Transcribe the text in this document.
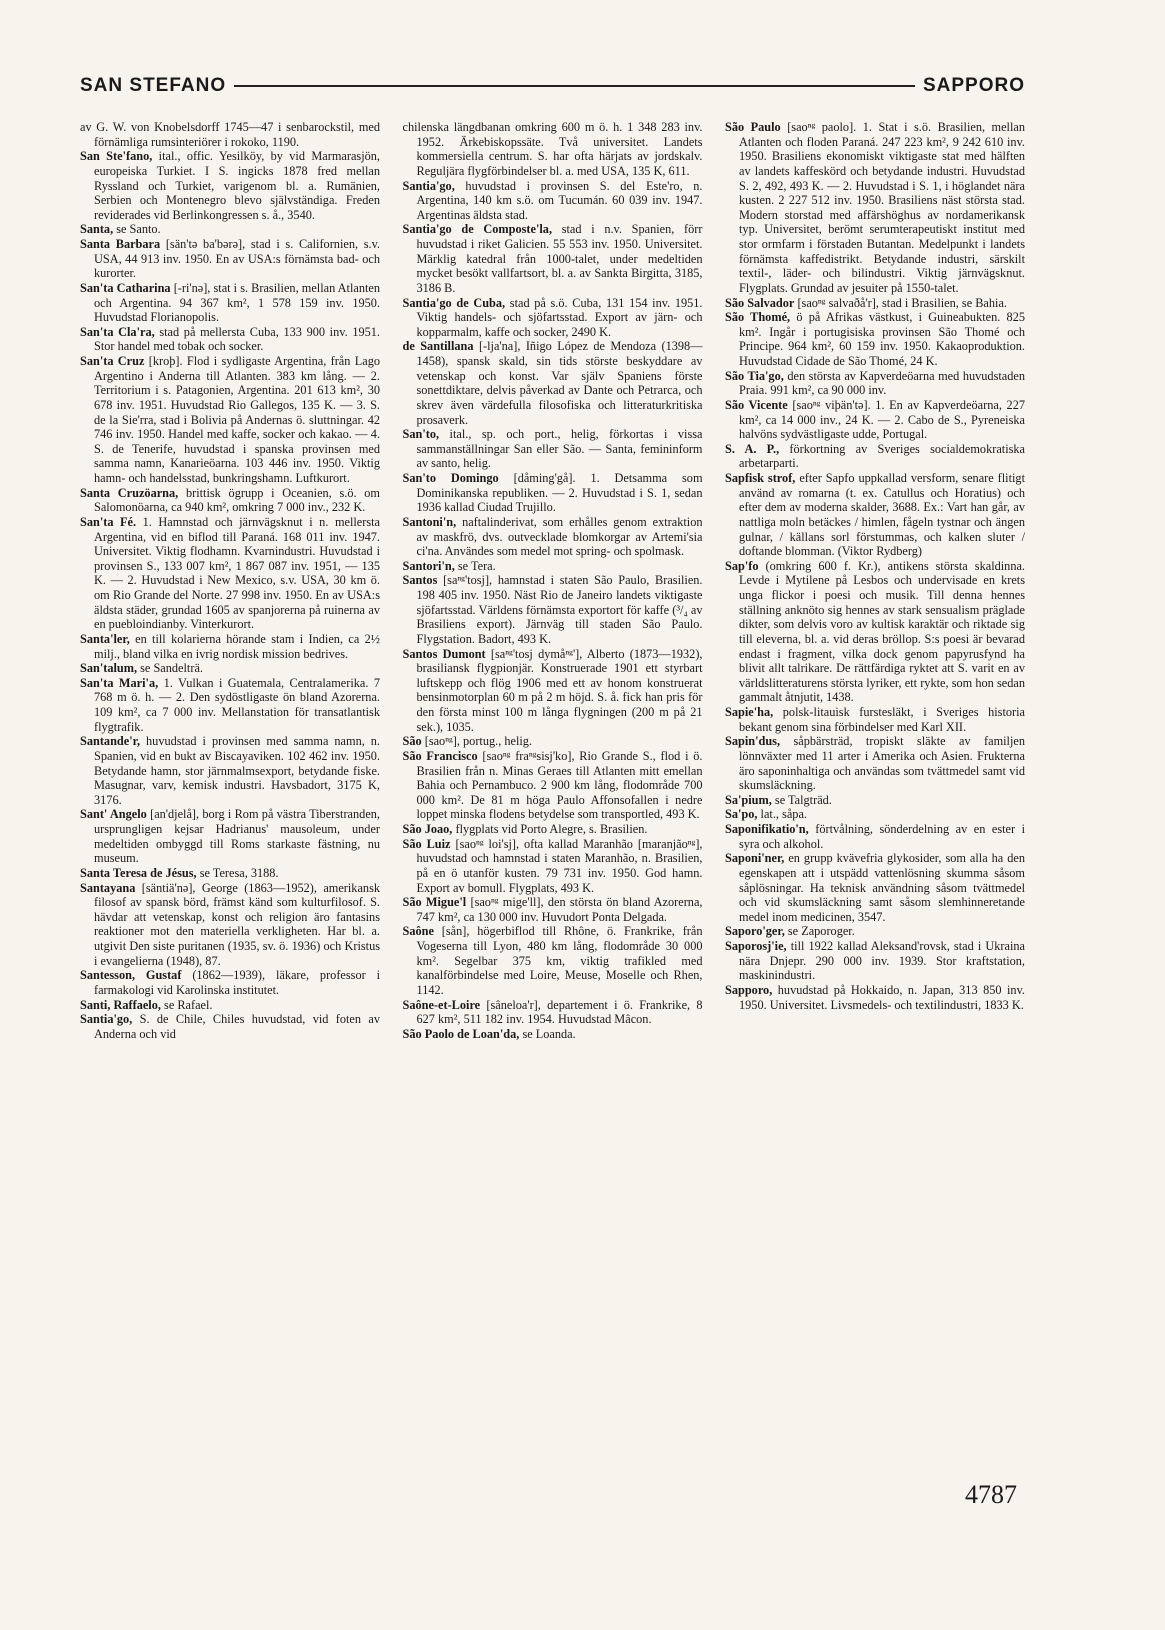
SAN STEFANO	SAPPORO

av G. W. von Knobelsdorff 1745—47 i senbarockstil, med förnämliga rumsinteriörer i rokoko, 1190.

San Ste'fano, ital., offic. Yesilköy, by vid Marmarasjön, europeiska Turkiet. I S. ingicks 1878 fred mellan Ryssland och Turkiet, varigenom bl. a. Rumänien, Serbien och Montenegro blevo självständiga. Freden reviderades vid Berlinkongressen s. å., 3540.

Santa, se Santo.

Santa Barbara [sän'tə ba'bərə], stad i s. Californien, s.v. USA, 44 913 inv. 1950. En av USA:s förnämsta bad- och kurorter.

San'ta Catharina [-ri'nə], stat i s. Brasilien, mellan Atlanten och Argentina. 94 367 km², 1 578 159 inv. 1950. Huvudstad Florianopolis.

San'ta Cla'ra, stad på mellersta Cuba, 133 900 inv. 1951. Stor handel med tobak och socker.

San'ta Cruz [kroþ]. Flod i sydligaste Argentina, från Lago Argentino i Anderna till Atlanten. 383 km lång. — 2. Territorium i s. Patagonien, Argentina. 201 613 km², 30 678 inv. 1951. Huvudstad Rio Gallegos, 135 K. — 3. S. de la Sie'rra, stad i Bolivia på Andernas ö. sluttningar. 42 746 inv. 1950. Handel med kaffe, socker och kakao. — 4. S. de Tenerife, huvudstad i spanska provinsen med samma namn, Kanarieöarna. 103 446 inv. 1950. Viktig hamn- och handelsstad, bunkringshamn. Luftkurort.

Santa Cruzöarna, brittisk ögrupp i Oceanien, s.ö. om Salomonöarna, ca 940 km², omkring 7 000 inv., 232 K.

San'ta Fé. 1. Hamnstad och järnvägsknut i n. mellersta Argentina, vid en biflod till Paraná. 168 011 inv. 1947. Universitet. Viktig flodhamn. Kvarnindustri. Huvudstad i provinsen S., 133 007 km², 1 867 087 inv. 1951, — 135 K. — 2. Huvudstad i New Mexico, s.v. USA, 30 km ö. om Rio Grande del Norte. 27 998 inv. 1950. En av USA:s äldsta städer, grundad 1605 av spanjorerna på ruinerna av en puebloindianby. Vinterkurort.

Santa'ler, en till kolarierna hörande stam i Indien, ca 2½ milj., bland vilka en ivrig nordisk mission bedrives.

San'talum, se Sandelträ.

San'ta Mari'a, 1. Vulkan i Guatemala, Centralamerika. 7 768 m ö. h. — 2. Den sydöstligaste ön bland Azorerna. 109 km², ca 7 000 inv. Mellanstation för transatlantisk flygtrafik.

Santande'r, huvudstad i provinsen med samma namn, n. Spanien, vid en bukt av Biscayaviken. 102 462 inv. 1950. Betydande hamn, stor järnmalmsexport, betydande fiske. Masugnar, varv, kemisk industri. Havsbadort, 3175 K, 3176.

Sant' Angelo [an'djelå], borg i Rom på västra Tiberstranden, ursprungligen kejsar Hadrianus' mausoleum, under medeltiden ombyggd till Roms starkaste fästning, nu museum.

Santa Teresa de Jésus, se Teresa, 3188.

Santayana [säntiä'nə], George (1863—1952), amerikansk filosof av spansk börd, främst känd som kulturfilosof. S. hävdar att vetenskap, konst och religion äro fantasins reaktioner mot den materiella verkligheten. Har bl. a. utgivit Den siste puritanen (1935, sv. ö. 1936) och Kristus i evangelierna (1948), 87.

Santesson, Gustaf (1862—1939), läkare, professor i farmakologi vid Karolinska institutet.

Santi, Raffaelo, se Rafael.

Santia'go, S. de Chile, Chiles huvudstad, vid foten av Anderna och vid

chilenska längdbanan omkring 600 m ö. h. 1 348 283 inv. 1952. Ärkebiskopssäte. Två universitet. Landets kommersiella centrum. S. har ofta härjats av jordskalv. Reguljära flygförbindelser bl. a. med USA, 135 K, 611.

Santia'go, huvudstad i provinsen S. del Este'ro, n. Argentina, 140 km s.ö. om Tucumán. 60 039 inv. 1947. Argentinas äldsta stad.

Santia'go de Composte'la, stad i n.v. Spanien, förr huvudstad i riket Galicien. 55 553 inv. 1950. Universitet. Märklig katedral från 1000-talet, under medeltiden mycket besökt vallfartsort, bl. a. av Sankta Birgitta, 3185, 3186 B.

Santia'go de Cuba, stad på s.ö. Cuba, 131 154 inv. 1951. Viktig handels- och sjöfartsstad. Export av järn- och kopparmalm, kaffe och socker, 2490 K.

de Santillana [-lja'na], Iñigo López de Mendoza (1398—1458), spansk skald, sin tids störste beskyddare av vetenskap och konst. Var själv Spaniens förste sonettdiktare, delvis påverkad av Dante och Petrarca, och skrev även värdefulla filosofiska och litteraturkritiska prosaverk.

San'to, ital., sp. och port., helig, förkortas i vissa sammanställningar San eller São. — Santa, femininform av santo, helig.

San'to Domingo [dåming'gå]. 1. Detsamma som Dominikanska republiken. — 2. Huvudstad i S. 1, sedan 1936 kallad Ciudad Trujillo.

Santoni'n, naftalinderivat, som erhålles genom extraktion av maskfrö, dvs. outvecklade blomkorgar av Artemi'sia ci'na. Användes som medel mot spring- och spolmask.

Santori'n, se Tera.

Santos [saⁿᵍ'tosj], hamnstad i staten São Paulo, Brasilien. 198 405 inv. 1950. Näst Rio de Janeiro landets viktigaste sjöfartsstad. Världens förnämsta exportort för kaffe (³/₄ av Brasiliens export). Järnväg till staden São Paulo. Flygstation. Badort, 493 K.

Santos Dumont [saⁿᵍ'tosj dymåⁿᵍ'], Alberto (1873—1932), brasiliansk flygpionjär. Konstruerade 1901 ett styrbart luftskepp och flög 1906 med ett av honom konstruerat bensinmotorplan 60 m på 2 m höjd. S. å. fick han pris för den första minst 100 m långa flygningen (200 m på 21 sek.), 1035.

São [saoⁿᵍ], portug., helig.

São Francisco [saoⁿᵍ fraⁿᵍsisj'ko], Rio Grande S., flod i ö. Brasilien från n. Minas Geraes till Atlanten mitt emellan Bahia och Pernambuco. 2 900 km lång, flodområde 700 000 km². De 81 m höga Paulo Affonsofallen i nedre loppet minska flodens betydelse som transportled, 493 K.

São Joao, flygplats vid Porto Alegre, s. Brasilien.

São Luiz [saoⁿᵍ loi'sj], ofta kallad Maranhão [maranjãoⁿᵍ], huvudstad och hamnstad i staten Maranhão, n. Brasilien, på en ö utanför kusten. 79 731 inv. 1950. God hamn. Export av bomull. Flygplats, 493 K.

São Migue'l [saoⁿᵍ mige'll], den största ön bland Azorerna, 747 km², ca 130 000 inv. Huvudort Ponta Delgada.

Saône [sån], högerbiflod till Rhône, ö. Frankrike, från Vogeserna till Lyon, 480 km lång, flodområde 30 000 km². Segelbar 375 km, viktig trafikled med kanalförbindelse med Loire, Meuse, Moselle och Rhen, 1142.

Saône-et-Loire [sâneloa'r], departement i ö. Frankrike, 8 627 km², 511 182 inv. 1954. Huvudstad Mâcon.

São Paolo de Loan'da, se Loanda.

São Paulo [saoⁿᵍ paolo]. 1. Stat i s.ö. Brasilien, mellan Atlanten och floden Paraná. 247 223 km², 9 242 610 inv. 1950. Brasiliens ekonomiskt viktigaste stat med hälften av landets kaffeskörd och betydande industri. Huvudstad S. 2, 492, 493 K. — 2. Huvudstad i S. 1, i höglandet nära kusten. 2 227 512 inv. 1950. Brasiliens näst största stad. Modern storstad med affärshöghus av nordamerikansk typ. Universitet, berömt serumterapeutiskt institut med stor ormfarm i förstaden Butantan. Medelpunkt i landets förnämsta kaffedistrikt. Betydande industri, särskilt textil-, läder- och bilindustri. Viktig järnvägsknut. Flygplats. Grundad av jesuiter på 1550-talet.

São Salvador [saoⁿᵍ salvaðå'r], stad i Brasilien, se Bahia.

São Thomé, ö på Afrikas västkust, i Guineabukten. 825 km². Ingår i portugisiska provinsen São Thomé och Principe. 964 km², 60 159 inv. 1950. Kakaoproduktion. Huvudstad Cidade de São Thomé, 24 K.

São Tia'go, den största av Kapverdeöarna med huvudstaden Praia. 991 km², ca 90 000 inv.

São Vicente [saoⁿᵍ viþän'tə]. 1. En av Kapverdeöarna, 227 km², ca 14 000 inv., 24 K. — 2. Cabo de S., Pyreneiska halvöns sydvästligaste udde, Portugal.

S. A. P., förkortning av Sveriges socialdemokratiska arbetarparti.

Sapfisk strof, efter Sapfo uppkallad versform, senare flitigt använd av romarna (t. ex. Catullus och Horatius) och efter dem av moderna skalder, 3688. Ex.: Vart han går, av nattliga moln betäckes / himlen, fågeln tystnar och ängen gulnar, / källans sorl förstummas, och kalken sluter / doftande blomman. (Viktor Rydberg)

Sap'fo (omkring 600 f. Kr.), antikens största skaldinna. Levde i Mytilene på Lesbos och undervisade en krets unga flickor i poesi och musik. Till denna hennes ställning anknöto sig hennes av stark sensualism präglade dikter, som delvis voro av kultisk karaktär och riktade sig till eleverna, bl. a. vid deras bröllop. S:s poesi är bevarad endast i fragment, vilka dock genom papyrusfynd ha blivit allt talrikare. De rättfärdiga ryktet att S. varit en av världslitteraturens största lyriker, ett rykte, som hon sedan gammalt åtnjutit, 1438.

Sapie'ha, polsk-litauisk furstesläkt, i Sveriges historia bekant genom sina förbindelser med Karl XII.

Sapin'dus, såpbärsträd, tropiskt släkte av familjen lönnväxter med 11 arter i Amerika och Asien. Frukterna äro saponinhaltiga och användas som tvättmedel samt vid skumsläckning.

Sa'pium, se Talgträd.

Sa'po, lat., såpa.

Saponifikatio'n, förtvålning, sönderdelning av en ester i syra och alkohol.

Saponi'ner, en grupp kvävefria glykosider, som alla ha den egenskapen att i utspädd vattenlösning skumma såsom såplösningar. Ha teknisk användning såsom tvättmedel och vid skumsläckning samt såsom slemhinneretande medel inom medicinen, 3547.

Saporo'ger, se Zaporoger.

Saporosj'ie, till 1922 kallad Aleksand'rovsk, stad i Ukraina nära Dnjepr. 290 000 inv. 1939. Stor kraftstation, maskinindustri.

Sapporo, huvudstad på Hokkaido, n. Japan, 313 850 inv. 1950. Universitet. Livsmedels- och textilindustri, 1833 K.

4787
